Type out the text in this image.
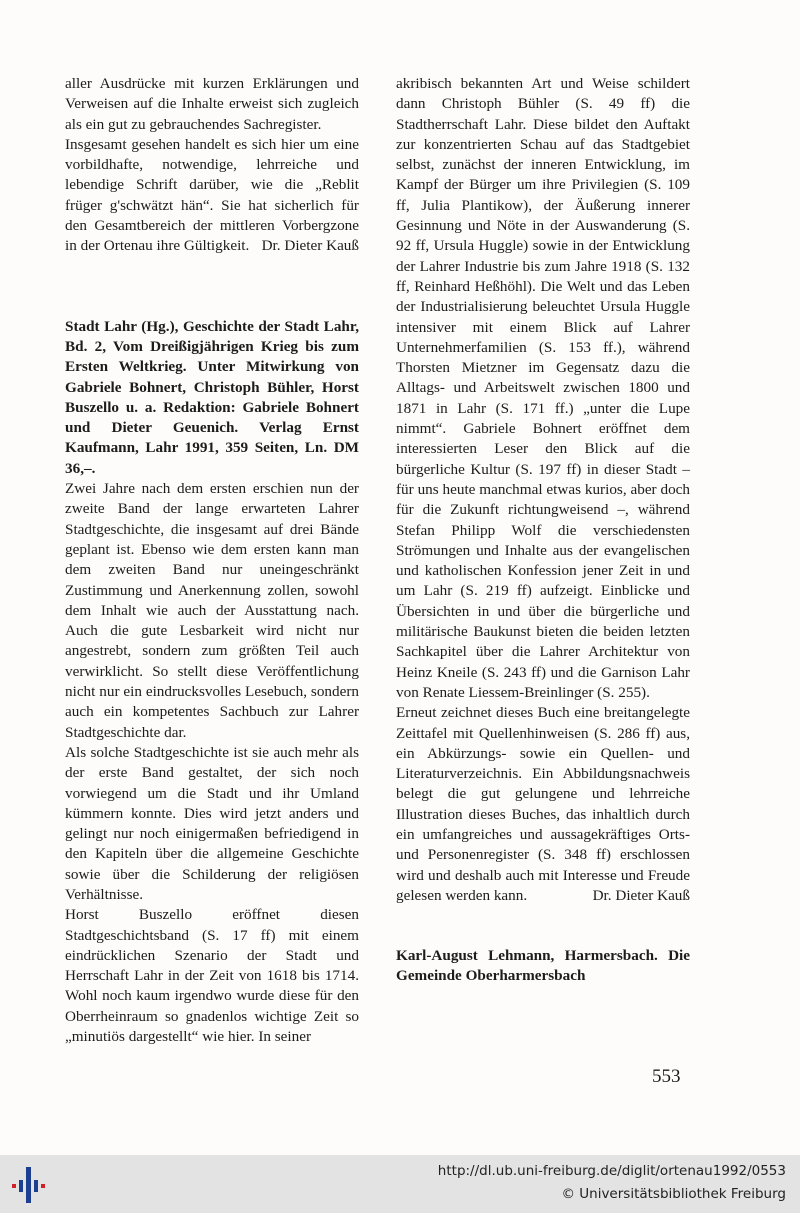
aller Ausdrücke mit kurzen Erklärungen und Verweisen auf die Inhalte erweist sich zugleich als ein gut zu gebrauchendes Sachregister.

Insgesamt gesehen handelt es sich hier um eine vorbildhafte, notwendige, lehrreiche und lebendige Schrift darüber, wie die „Reblit früger g'schwätzt hän“. Sie hat sicherlich für den Gesamtbereich der mittleren Vorbergzone in der Ortenau ihre Gültigkeit. Dr. Dieter Kauß

Stadt Lahr (Hg.), Geschichte der Stadt Lahr, Bd. 2, Vom Dreißigjährigen Krieg bis zum Ersten Weltkrieg. Unter Mitwirkung von Gabriele Bohnert, Christoph Bühler, Horst Buszello u. a. Redaktion: Gabriele Bohnert und Dieter Geuenich. Verlag Ernst Kaufmann, Lahr 1991, 359 Seiten, Ln. DM 36,–.

Zwei Jahre nach dem ersten erschien nun der zweite Band der lange erwarteten Lahrer Stadtgeschichte, die insgesamt auf drei Bände geplant ist. Ebenso wie dem ersten kann man dem zweiten Band nur uneingeschränkt Zustimmung und Anerkennung zollen, sowohl dem Inhalt wie auch der Ausstattung nach. Auch die gute Lesbarkeit wird nicht nur angestrebt, sondern zum größten Teil auch verwirklicht. So stellt diese Veröffentlichung nicht nur ein eindrucksvolles Lesebuch, sondern auch ein kompetentes Sachbuch zur Lahrer Stadtgeschichte dar.

Als solche Stadtgeschichte ist sie auch mehr als der erste Band gestaltet, der sich noch vorwiegend um die Stadt und ihr Umland kümmern konnte. Dies wird jetzt anders und gelingt nur noch einigermaßen befriedigend in den Kapiteln über die allgemeine Geschichte sowie über die Schilderung der religiösen Verhältnisse.

Horst Buszello eröffnet diesen Stadtgeschichtsband (S. 17 ff) mit einem eindrücklichen Szenario der Stadt und Herrschaft Lahr in der Zeit von 1618 bis 1714. Wohl noch kaum irgendwo wurde diese für den Oberrheinraum so gnadenlos wichtige Zeit so „minutiös dargestellt“ wie hier. In seiner

akribisch bekannten Art und Weise schildert dann Christoph Bühler (S. 49 ff) die Stadtherrschaft Lahr. Diese bildet den Auftakt zur konzentrierten Schau auf das Stadtgebiet selbst, zunächst der inneren Entwicklung, im Kampf der Bürger um ihre Privilegien (S. 109 ff, Julia Plantikow), der Äußerung innerer Gesinnung und Nöte in der Auswanderung (S. 92 ff, Ursula Huggle) sowie in der Entwicklung der Lahrer Industrie bis zum Jahre 1918 (S. 132 ff, Reinhard Heßhöhl). Die Welt und das Leben der Industrialisierung beleuchtet Ursula Huggle intensiver mit einem Blick auf Lahrer Unternehmerfamilien (S. 153 ff.), während Thorsten Mietzner im Gegensatz dazu die Alltags- und Arbeitswelt zwischen 1800 und 1871 in Lahr (S. 171 ff.) „unter die Lupe nimmt“. Gabriele Bohnert eröffnet dem interessierten Leser den Blick auf die bürgerliche Kultur (S. 197 ff) in dieser Stadt – für uns heute manchmal etwas kurios, aber doch für die Zukunft richtungweisend –, während Stefan Philipp Wolf die verschiedensten Strömungen und Inhalte aus der evangelischen und katholischen Konfession jener Zeit in und um Lahr (S. 219 ff) aufzeigt. Einblicke und Übersichten in und über die bürgerliche und militärische Baukunst bieten die beiden letzten Sachkapitel über die Lahrer Architektur von Heinz Kneile (S. 243 ff) und die Garnison Lahr von Renate Liessem-Breinlinger (S. 255).

Erneut zeichnet dieses Buch eine breitangelegte Zeittafel mit Quellenhinweisen (S. 286 ff) aus, ein Abkürzungs- sowie ein Quellen- und Literaturverzeichnis. Ein Abbildungsnachweis belegt die gut gelungene und lehrreiche Illustration dieses Buches, das inhaltlich durch ein umfangreiches und aussagekräftiges Orts- und Personenregister (S. 348 ff) erschlossen wird und deshalb auch mit Interesse und Freude gelesen werden kann.	Dr. Dieter Kauß

Karl-August Lehmann, Harmersbach. Die Gemeinde Oberharmersbach

553
http://dl.ub.uni-freiburg.de/diglit/ortenau1992/0553
© Universitätsbibliothek Freiburg
